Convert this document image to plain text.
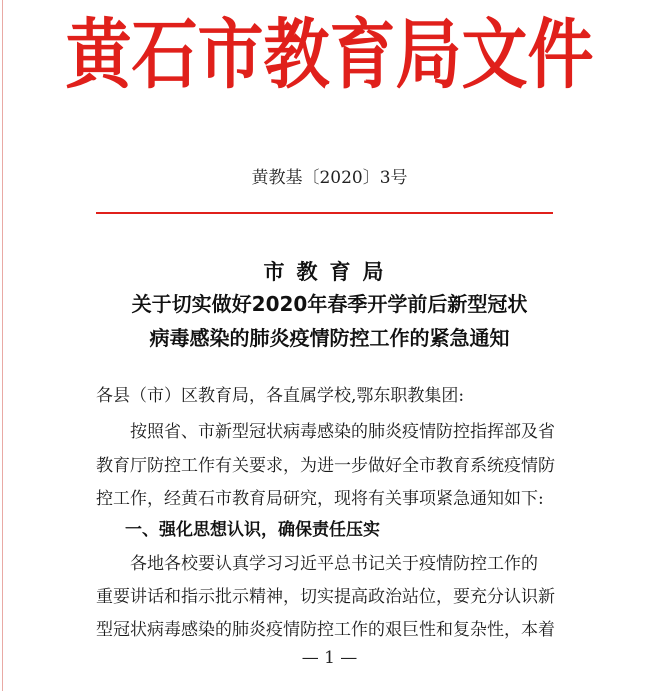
黄石市教育局文件
黄教基〔2020〕3号
市教育局
关于切实做好2020年春季开学前后新型冠状
病毒感染的肺炎疫情防控工作的紧急通知
各县（市）区教育局，各直属学校,鄂东职教集团:
按照省、市新型冠状病毒感染的肺炎疫情防控指挥部及省
教育厅防控工作有关要求，为进一步做好全市教育系统疫情防
控工作，经黄石市教育局研究，现将有关事项紧急通知如下:
一、强化思想认识，确保责任压实
各地各校要认真学习习近平总书记关于疫情防控工作的
重要讲话和指示批示精神，切实提高政治站位，要充分认识新
型冠状病毒感染的肺炎疫情防控工作的艰巨性和复杂性，本着
— 1 —
